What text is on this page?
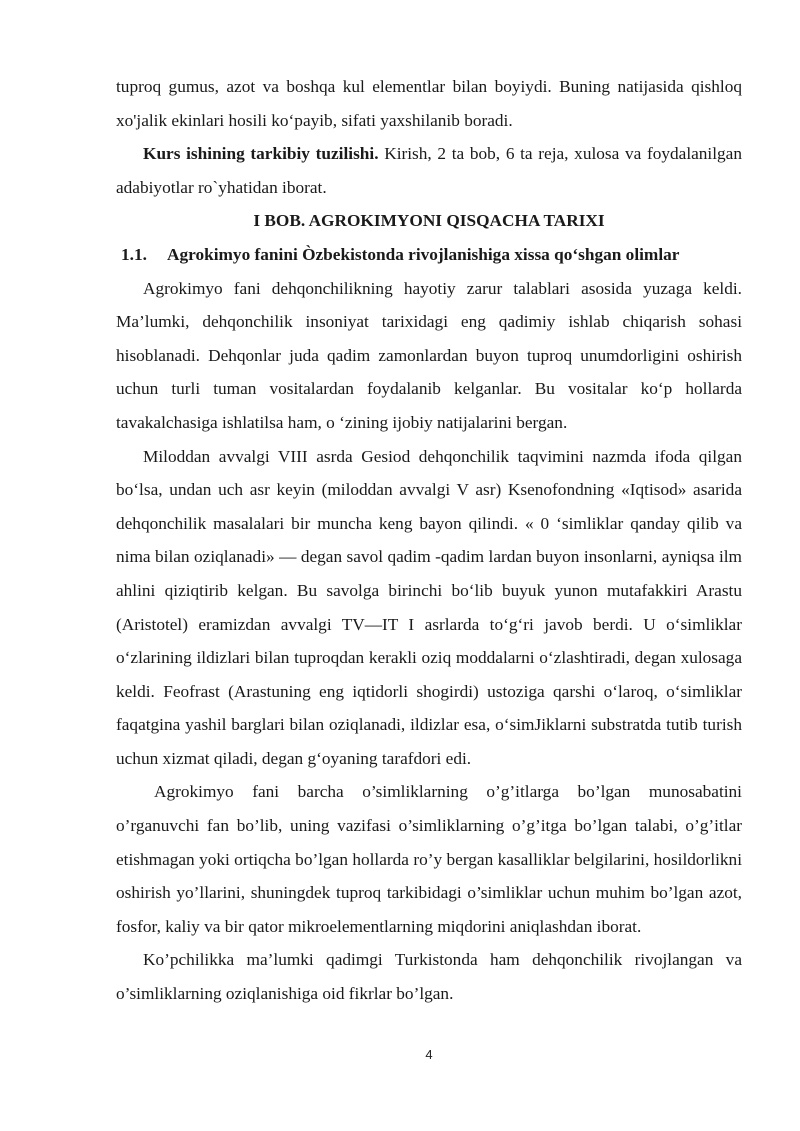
tuproq gumus, azot va boshqa kul elementlar bilan boyiydi. Buning natijasida qishloq xo'jalik ekinlari hosili ko‘payib, sifati yaxshilanib boradi.

Kurs ishining tarkibiy tuzilishi. Kirish, 2 ta bob, 6 ta reja, xulosa va foydalanilgan adabiyotlar ro`yhatidan iborat.

I BOB. AGROKIMYONI QISQACHA TARIXI

1.1.	Agrokimyo fanini Òzbekistonda rivojlanishiga xissa qo‘shgan olimlar

Agrokimyo fani dehqonchilikning hayotiy zarur talablari asosida yuzaga keldi. Ma’lumki, dehqonchilik insoniyat tarixidagi eng qadimiy ishlab chiqarish sohasi hisoblanadi. Dehqonlar juda qadim zamonlardan buyon tuproq unumdorligini oshirish uchun turli tuman vositalardan foydalanib kelganlar. Bu vositalar ko‘p hollarda tavakalchasiga ishlatilsa ham, o ‘zining ijobiy natijalarini bergan.

Miloddan avvalgi VIII asrda Gesiod dehqonchilik taqvimini nazmda ifoda qilgan bo‘lsa, undan uch asr keyin (miloddan avvalgi V asr) Ksenofondning «Iqtisod» asarida dehqonchilik masalalari bir muncha keng bayon qilindi. « 0 ‘simliklar qanday qilib va nima bilan oziqlanadi» — degan savol qadim -qadim lardan buyon insonlarni, ayniqsa ilm ahlini qiziqtirib kelgan. Bu savolga birinchi bo‘lib buyuk yunon mutafakkiri Arastu (Aristotel) eramizdan avvalgi TV—IT I asrlarda to‘g‘ri javob berdi. U o‘simliklar o‘zlarining ildizlari bilan tuproqdan kerakli oziq moddalarni o‘zlashtiradi, degan xulosaga keldi. Feofrast (Arastuning eng iqtidorli shogirdi) ustoziga qarshi o‘laroq, o‘simliklar faqatgina yashil barglari bilan oziqlanadi, ildizlar esa, o‘simJiklarni substratda tutib turish uchun xizmat qiladi, degan g‘oyaning tarafdori edi.

Agrokimyo fani barcha o’simliklarning o’g’itlarga bo’lgan munosabatini o’rganuvchi fan bo’lib, uning vazifasi o’simliklarning o’g’itga bo’lgan talabi, o’g’itlar etishmagan yoki ortiqcha bo’lgan hollarda ro’y bergan kasalliklar belgilarini, hosildorlikni oshirish yo’llarini, shuningdek tuproq tarkibidagi o’simliklar uchun muhim bo’lgan azot, fosfor, kaliy va bir qator mikroelementlarning miqdorini aniqlashdan iborat.

Ko’pchilikka ma’lumki qadimgi Turkistonda ham dehqonchilik rivojlangan va o’simliklarning oziqlanishiga oid fikrlar bo’lgan.

4
